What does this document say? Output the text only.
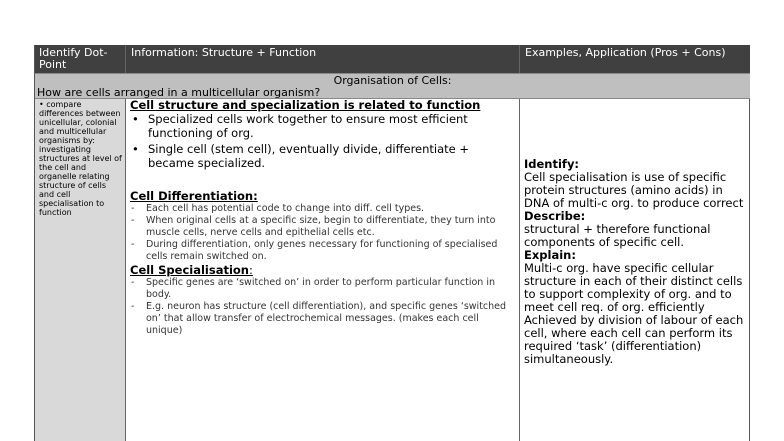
Identify Dot-Point
Information: Structure + Function	Examples, Application (Pros + Cons)
Organisation of Cells:
How are cells arranged in a multicellular organism?
• compare differences between unicellular, colonial and multicellular organisms by: investigating structures at level of the cell and organelle relating structure of cells and cell specialisation to function

Cell structure and specialization is related to function

• Specialized cells work together to ensure most efficient functioning of org.

• Single cell (stem cell), eventually divide, differentiate + became specialized.

Cell Differentiation:

- Each cell has potential code to change into diff. cell types.

- When original cells at a specific size, begin to differentiate, they turn into muscle cells, nerve cells and epithelial cells etc.

- During differentiation, only genes necessary for functioning of specialised cells remain switched on.

Cell Specialisation:

- Specific genes are ‘switched on’ in order to perform particular function in body.

- E.g. neuron has structure (cell differentiation), and specific genes ‘switched on’ that allow transfer of electrochemical messages. (makes each cell unique)

Identify:

Cell specialisation is use of specific protein structures (amino acids) in DNA of multi-c org. to produce correct

Describe:

structural + therefore functional components of specific cell.

Explain:

Multi-c org. have specific cellular structure in each of their distinct cells to support complexity of org. and to meet cell req. of org. efficiently Achieved by division of labour of each cell, where each cell can perform its required ‘task’ (differentiation) simultaneously.
